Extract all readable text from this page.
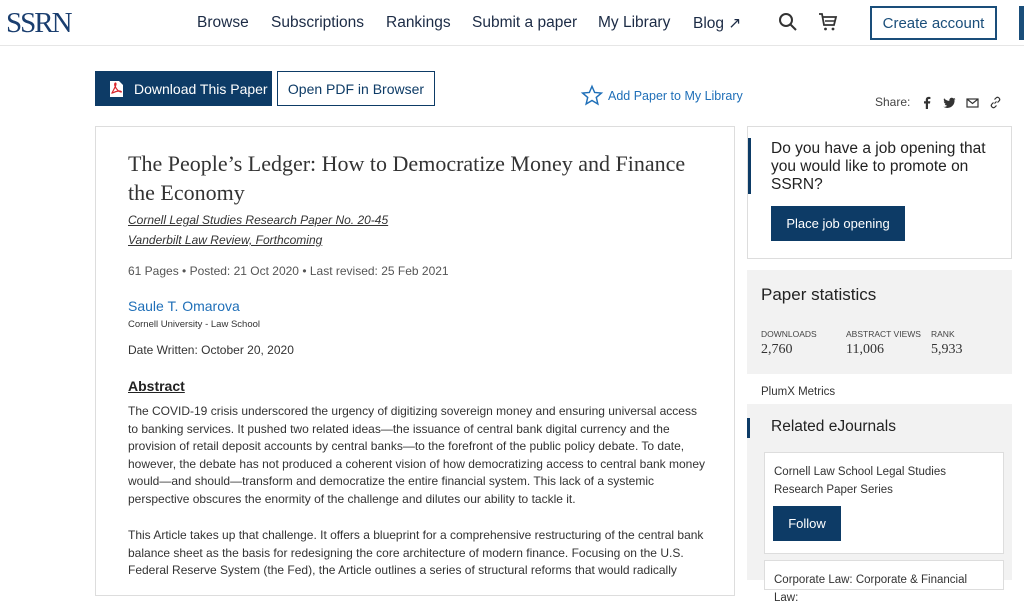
SSRN	Browse Subscriptions Rankings Submit a paper My Library Blog ↗	Create account
Download This Paper	Open PDF in Browser	Add Paper to My Library	Share:
The People’s Ledger: How to Democratize Money and Finance the Economy
Cornell Legal Studies Research Paper No. 20-45
Vanderbilt Law Review, Forthcoming
61 Pages • Posted: 21 Oct 2020 • Last revised: 25 Feb 2021
Saule T. Omarova
Cornell University - Law School
Date Written: October 20, 2020
Abstract
The COVID-19 crisis underscored the urgency of digitizing sovereign money and ensuring universal access to banking services. It pushed two related ideas—the issuance of central bank digital currency and the provision of retail deposit accounts by central banks—to the forefront of the public policy debate. To date, however, the debate has not produced a coherent vision of how democratizing access to central bank money would—and should—transform and democratize the entire financial system. This lack of a systemic perspective obscures the enormity of the challenge and dilutes our ability to tackle it.
This Article takes up that challenge. It offers a blueprint for a comprehensive restructuring of the central bank balance sheet as the basis for redesigning the core architecture of modern finance. Focusing on the U.S. Federal Reserve System (the Fed), the Article outlines a series of structural reforms that would radically
Do you have a job opening that you would like to promote on SSRN?
Place job opening
Paper statistics
DOWNLOADS
2,760
ABSTRACT VIEWS
11,006
RANK
5,933
PlumX Metrics
Related eJournals
Cornell Law School Legal Studies Research Paper Series
Follow
Corporate Law: Corporate & Financial Law:
